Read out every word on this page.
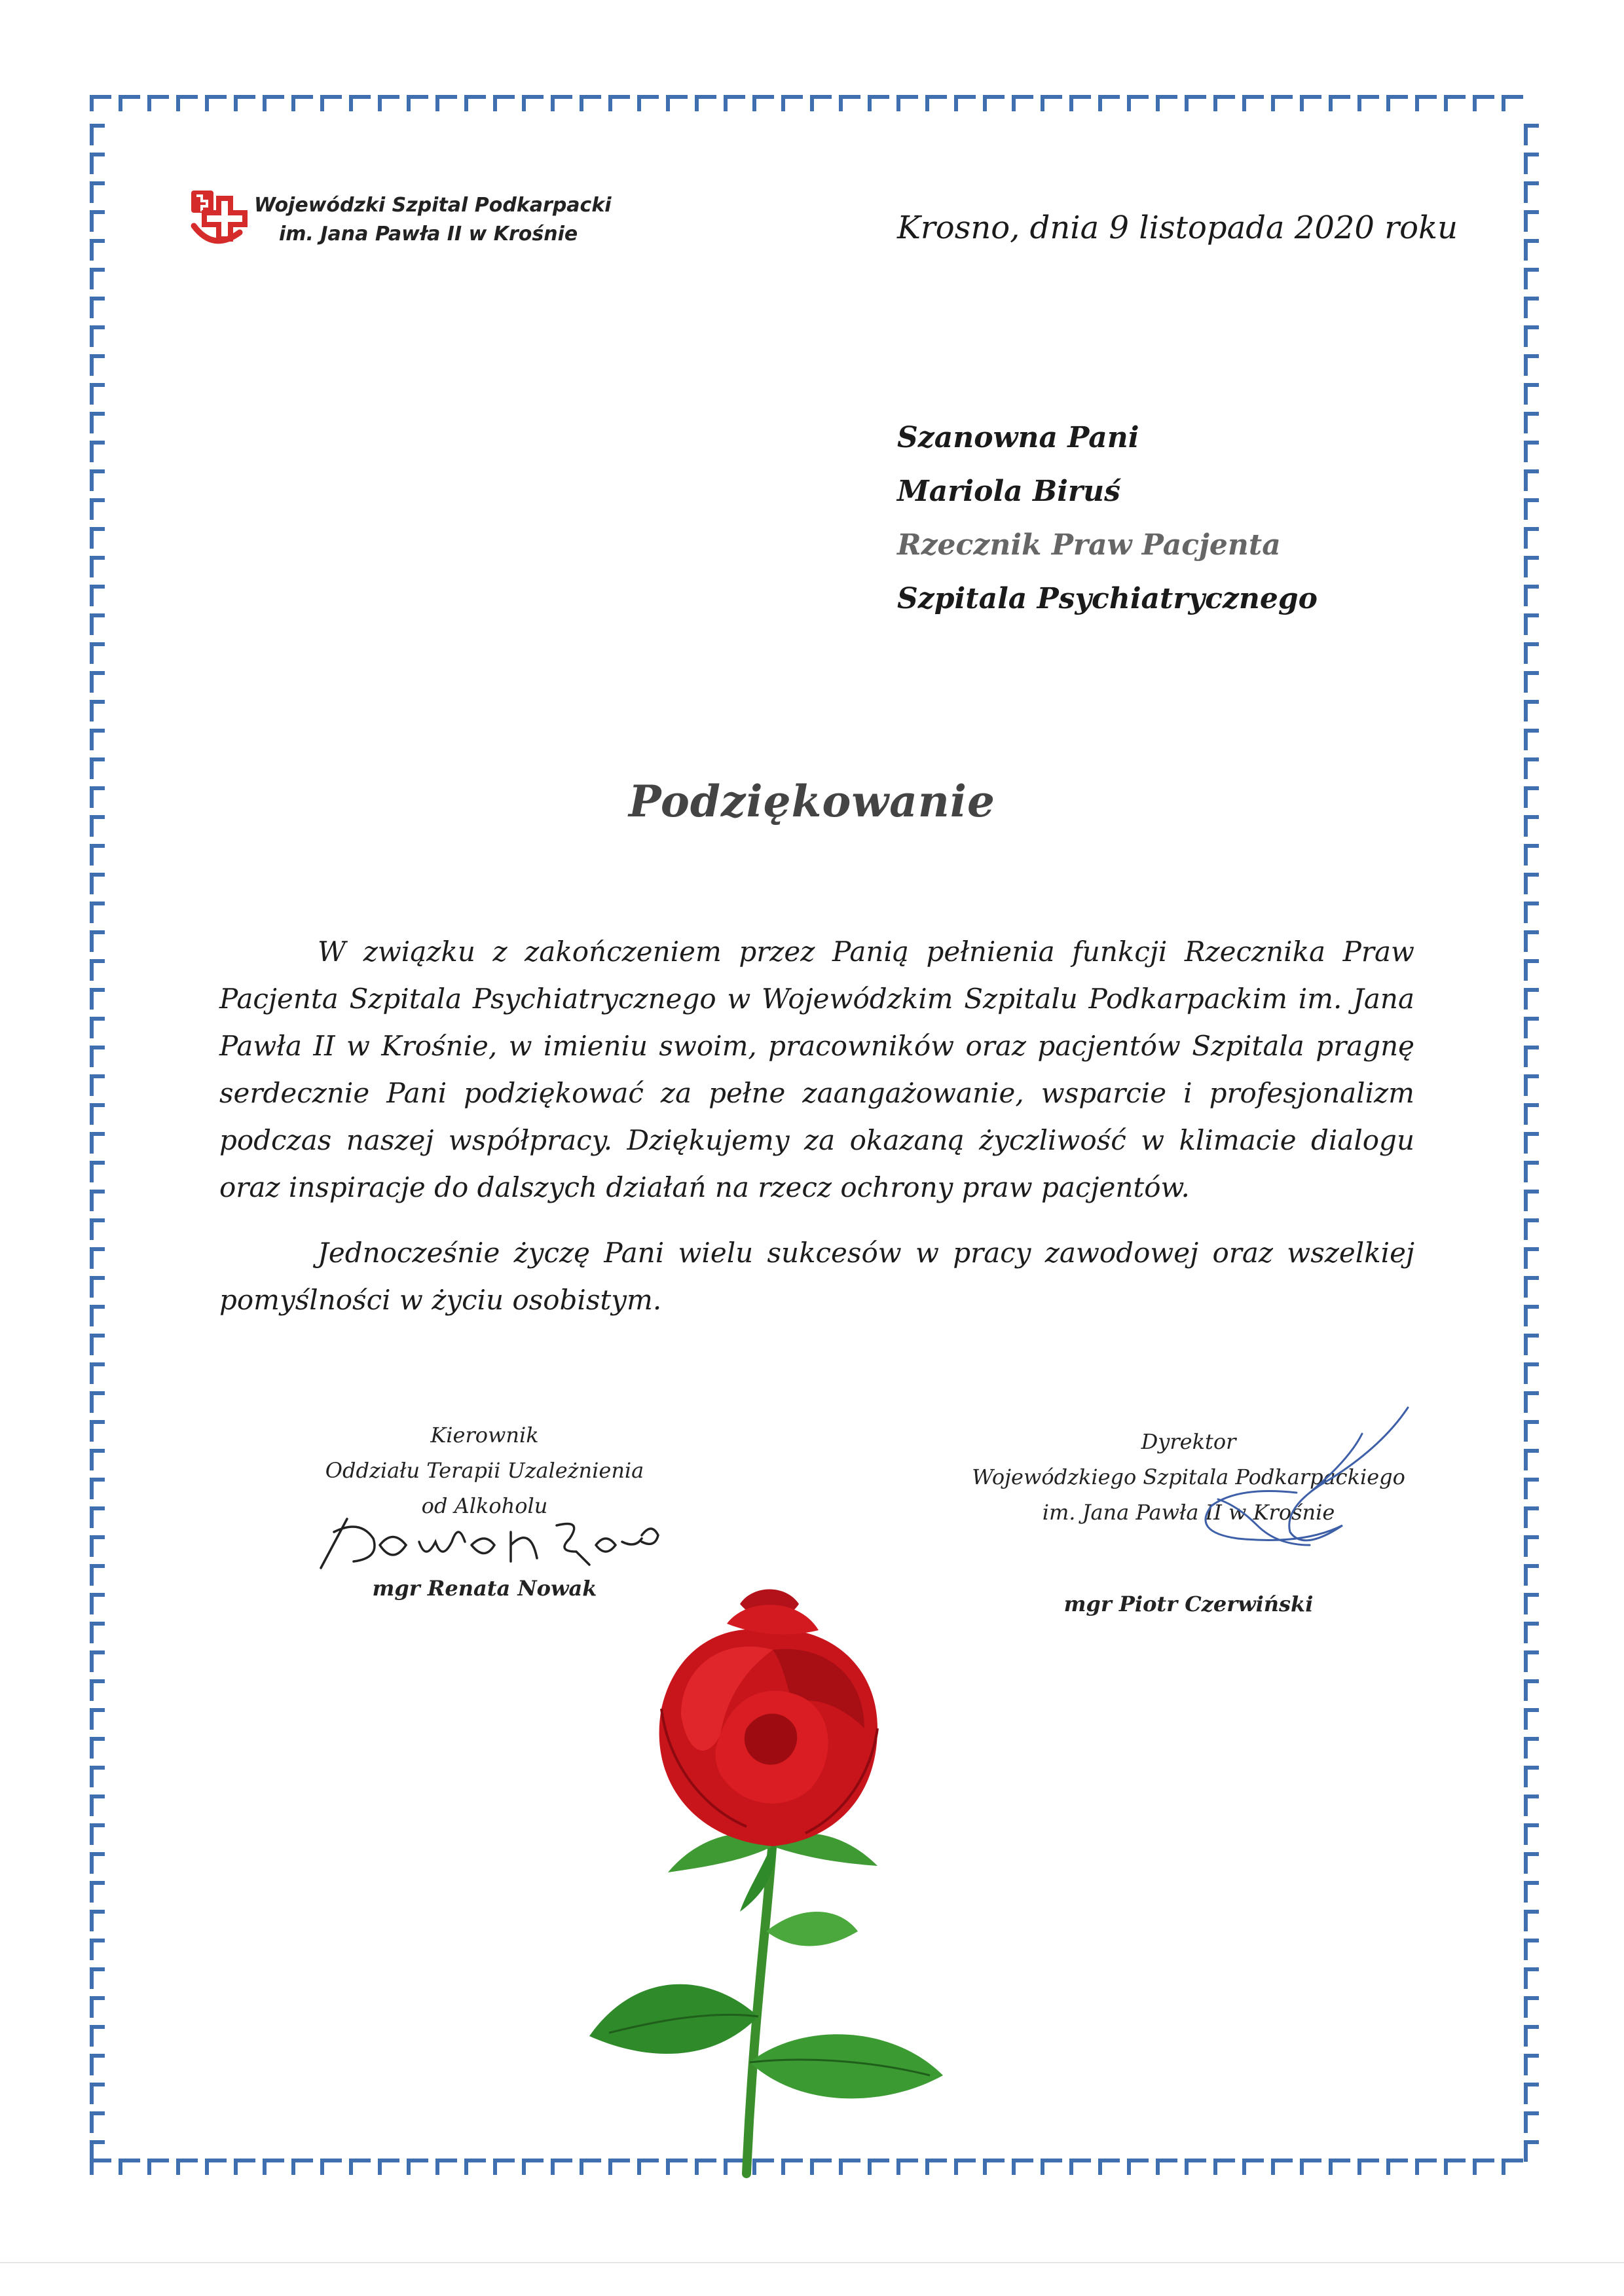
Wojewódzki Szpital Podkarpacki
im. Jana Pawła II w Krośnie	Krosno, dnia 9 listopada 2020 roku
Szanowna Pani
Mariola Biruś
Rzecznik Praw Pacjenta
Szpitala Psychiatrycznego
Podziękowanie

W związku z zakończeniem przez Panią pełnienia funkcji Rzecznika Praw Pacjenta Szpitala Psychiatrycznego w Wojewódzkim Szpitalu Podkarpackim im. Jana Pawła II w Krośnie, w imieniu swoim, pracowników oraz pacjentów Szpitala pragnę serdecznie Pani podziękować za pełne zaangażowanie, wsparcie i profesjonalizm podczas naszej współpracy. Dziękujemy za okazaną życzliwość w klimacie dialogu oraz inspiracje do dalszych działań na rzecz ochrony praw pacjentów.

Jednocześnie życzę Pani wielu sukcesów w pracy zawodowej oraz wszelkiej pomyślności w życiu osobistym.

Kierownik
Oddziału Terapii Uzależnienia
od Alkoholu
mgr Renata Nowak
Dyrektor
Wojewódzkiego Szpitala Podkarpackiego
im. Jana Pawła II w Krośnie
mgr Piotr Czerwiński
